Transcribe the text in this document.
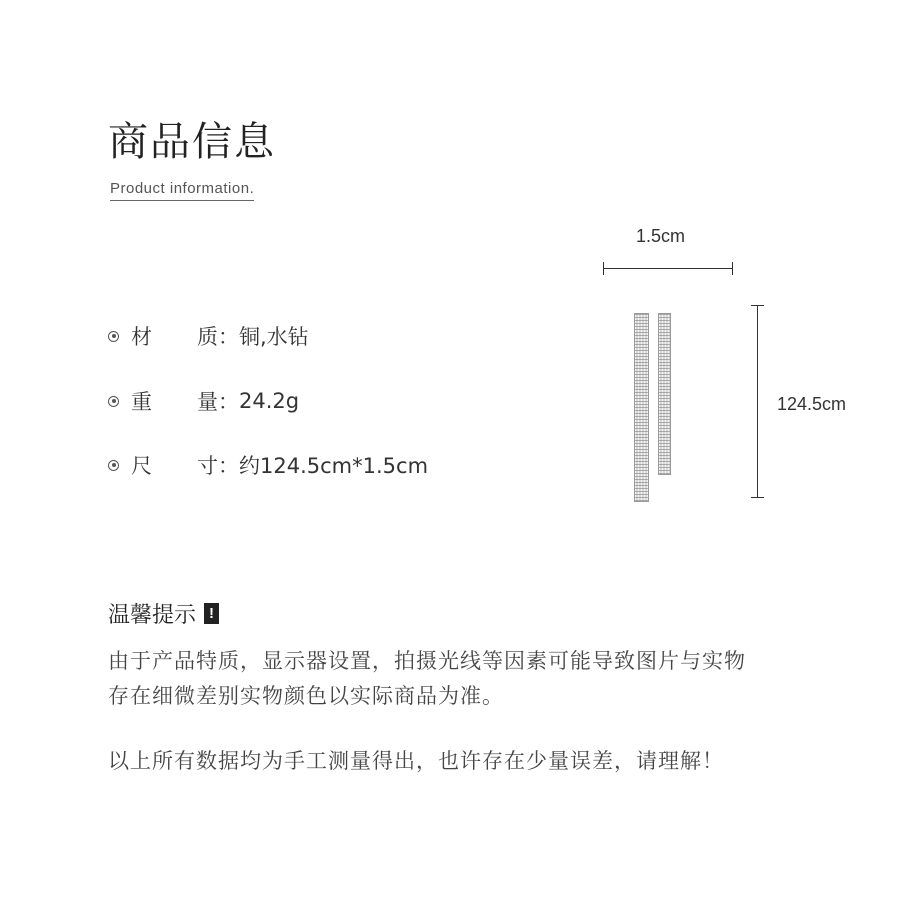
商品信息
Product information.
材 质： 铜,水钻
重 量： 24.2g
尺 寸： 约124.5cm*1.5cm
1.5cm
124.5cm
温馨提示 !
由于产品特质，显示器设置，拍摄光线等因素可能导致图片与实物
存在细微差别实物颜色以实际商品为准。
以上所有数据均为手工测量得出，也许存在少量误差，请理解！
